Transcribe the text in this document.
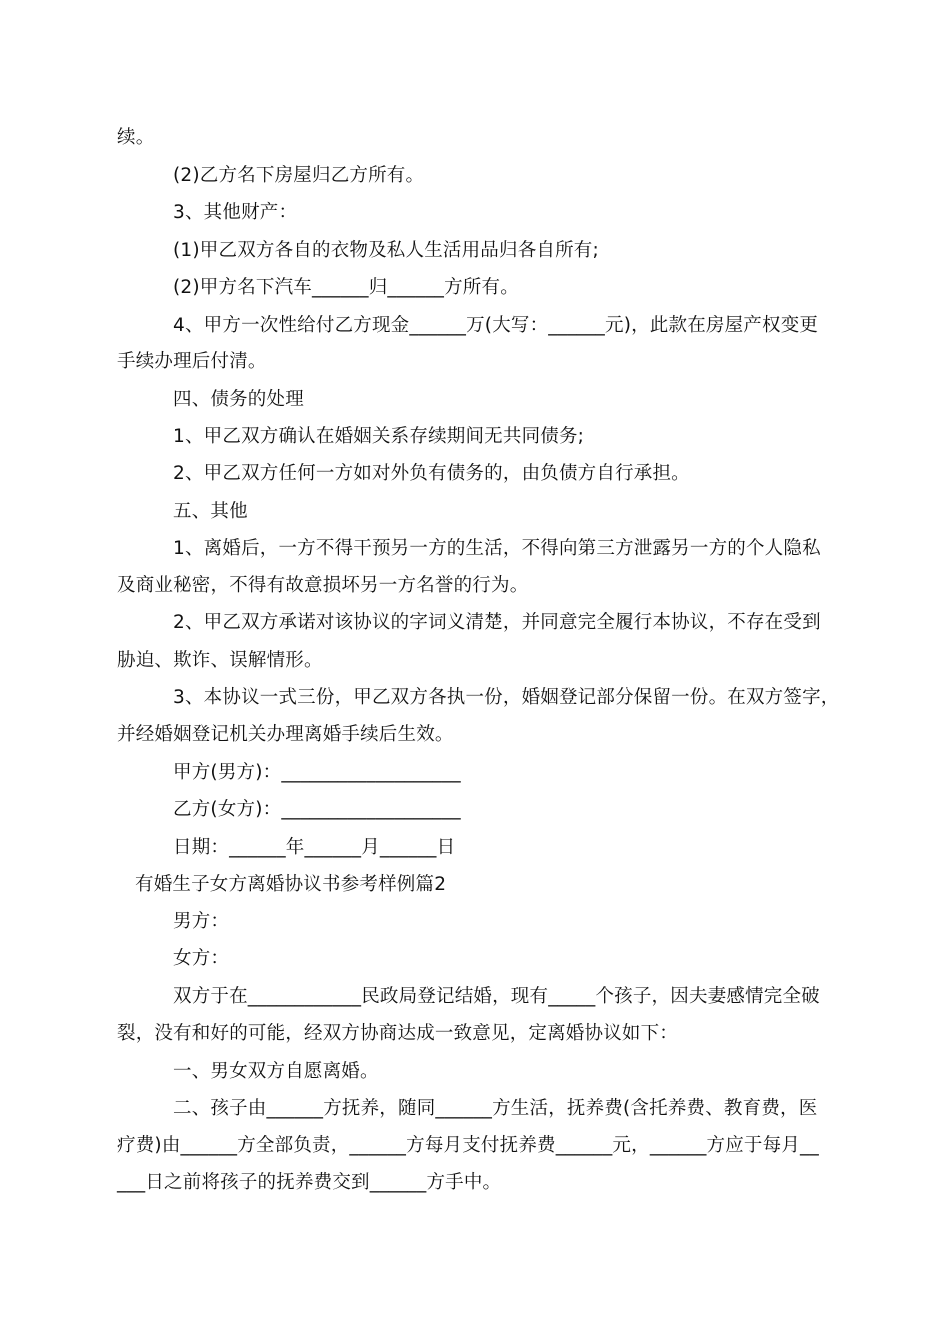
续。
(2)乙方名下房屋归乙方所有。
3、其他财产：
(1)甲乙双方各自的衣物及私人生活用品归各自所有;
(2)甲方名下汽车______归______方所有。
4、甲方一次性给付乙方现金______万(大写：______元)，此款在房屋产权变更
手续办理后付清。
四、债务的处理
1、甲乙双方确认在婚姻关系存续期间无共同债务;
2、甲乙双方任何一方如对外负有债务的，由负债方自行承担。
五、其他
1、离婚后，一方不得干预另一方的生活，不得向第三方泄露另一方的个人隐私
及商业秘密，不得有故意损坏另一方名誉的行为。
2、甲乙双方承诺对该协议的字词义清楚，并同意完全履行本协议，不存在受到
胁迫、欺诈、误解情形。
3、本协议一式三份，甲乙双方各执一份，婚姻登记部分保留一份。在双方签字，
并经婚姻登记机关办理离婚手续后生效。
甲方(男方)：___________________
乙方(女方)：___________________
日期：______年______月______日
有婚生子女方离婚协议书参考样例篇2
男方：
女方：
双方于在____________民政局登记结婚，现有_____个孩子，因夫妻感情完全破
裂，没有和好的可能，经双方协商达成一致意见，定离婚协议如下：
一、男女双方自愿离婚。
二、孩子由______方抚养，随同______方生活，抚养费(含托养费、教育费，医
疗费)由______方全部负责，______方每月支付抚养费______元，______方应于每月__
___日之前将孩子的抚养费交到______方手中。
